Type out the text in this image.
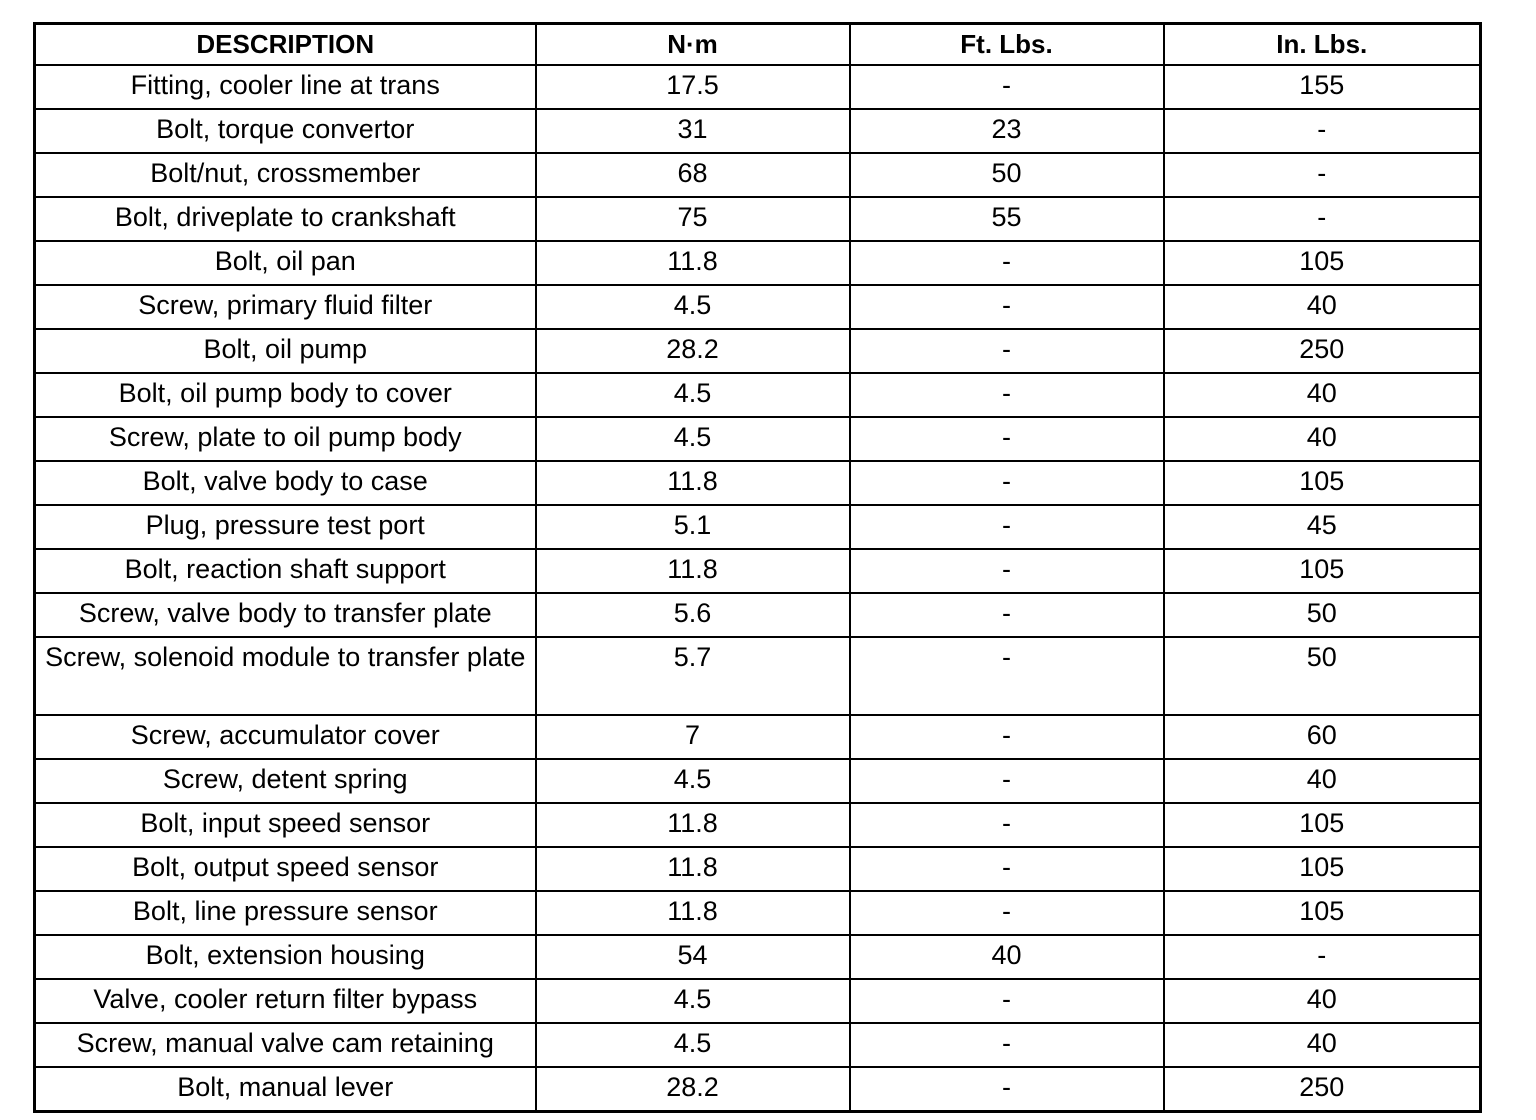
DESCRIPTION	N·m	Ft. Lbs.	In. Lbs.
Fitting, cooler line at trans	17.5	-	155
Bolt, torque convertor	31	23	-
Bolt/nut, crossmember	68	50	-
Bolt, driveplate to crankshaft	75	55	-
Bolt, oil pan	11.8	-	105
Screw, primary fluid filter	4.5	-	40
Bolt, oil pump	28.2	-	250
Bolt, oil pump body to cover	4.5	-	40
Screw, plate to oil pump body	4.5	-	40
Bolt, valve body to case	11.8	-	105
Plug, pressure test port	5.1	-	45
Bolt, reaction shaft support	11.8	-	105
Screw, valve body to transfer plate	5.6	-	50
Screw, solenoid module to transfer plate	5.7	-	50
Screw, accumulator cover	7	-	60
Screw, detent spring	4.5	-	40
Bolt, input speed sensor	11.8	-	105
Bolt, output speed sensor	11.8	-	105
Bolt, line pressure sensor	11.8	-	105
Bolt, extension housing	54	40	-
Valve, cooler return filter bypass	4.5	-	40
Screw, manual valve cam retaining	4.5	-	40
Bolt, manual lever	28.2	-	250
